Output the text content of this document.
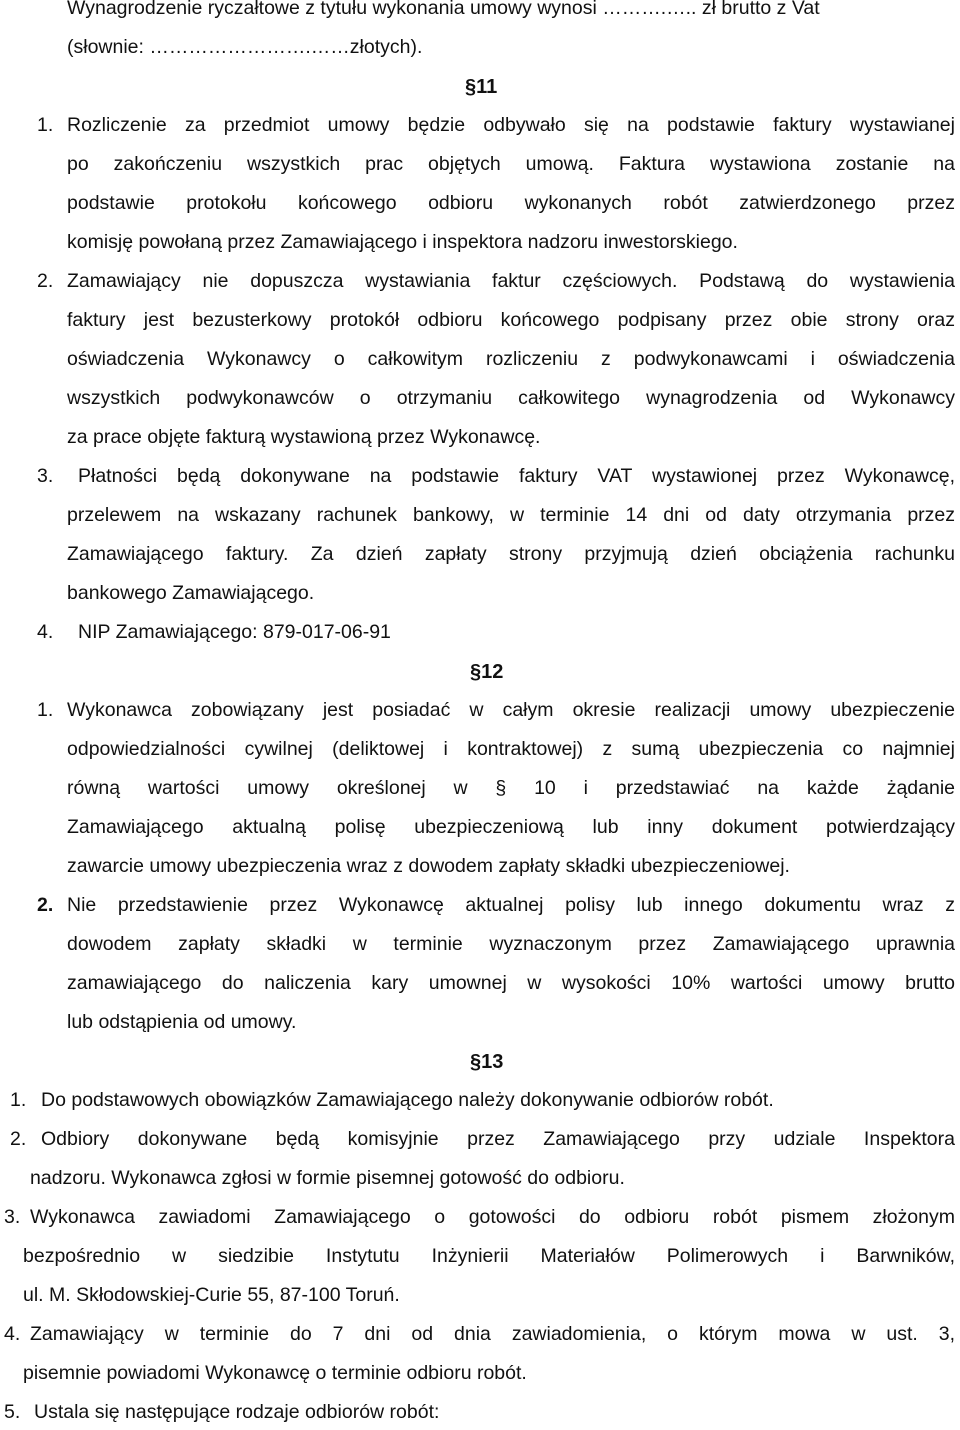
Wynagrodzenie ryczałtowe z tytułu wykonania umowy wynosi ……….….. zł brutto z Vat
(słownie: …………………….……złotych).
§11
1. Rozliczenie za przedmiot umowy będzie odbywało się na podstawie faktury wystawianej
po zakończeniu wszystkich prac objętych umową. Faktura wystawiona zostanie na
podstawie protokołu końcowego odbioru wykonanych robót zatwierdzonego przez
komisję powołaną przez Zamawiającego i inspektora nadzoru inwestorskiego.
2. Zamawiający nie dopuszcza wystawiania faktur częściowych. Podstawą do wystawienia
faktury jest bezusterkowy protokół odbioru końcowego podpisany przez obie strony oraz
oświadczenia Wykonawcy o całkowitym rozliczeniu z podwykonawcami i oświadczenia
wszystkich podwykonawców o otrzymaniu całkowitego wynagrodzenia od Wykonawcy
za prace objęte fakturą wystawioną przez Wykonawcę.
3. Płatności będą dokonywane na podstawie faktury VAT wystawionej przez Wykonawcę,
przelewem na wskazany rachunek bankowy, w terminie 14 dni od daty otrzymania przez
Zamawiającego faktury. Za dzień zapłaty strony przyjmują dzień obciążenia rachunku
bankowego Zamawiającego.
4. NIP Zamawiającego: 879-017-06-91
§12
1. Wykonawca zobowiązany jest posiadać w całym okresie realizacji umowy ubezpieczenie
odpowiedzialności cywilnej (deliktowej i kontraktowej) z sumą ubezpieczenia co najmniej
równą wartości umowy określonej w § 10 i przedstawiać na każde żądanie
Zamawiającego aktualną polisę ubezpieczeniową lub inny dokument potwierdzający
zawarcie umowy ubezpieczenia wraz z dowodem zapłaty składki ubezpieczeniowej.
2. Nie przedstawienie przez Wykonawcę aktualnej polisy lub innego dokumentu wraz z
dowodem zapłaty składki w terminie wyznaczonym przez Zamawiającego uprawnia
zamawiającego do naliczenia kary umownej w wysokości 10% wartości umowy brutto
lub odstąpienia od umowy.
§13
1. Do podstawowych obowiązków Zamawiającego należy dokonywanie odbiorów robót.
2. Odbiory dokonywane będą komisyjnie przez Zamawiającego przy udziale Inspektora
nadzoru. Wykonawca zgłosi w formie pisemnej gotowość do odbioru.
3. Wykonawca zawiadomi Zamawiającego o gotowości do odbioru robót pismem złożonym
bezpośrednio w siedzibie Instytutu Inżynierii Materiałów Polimerowych i Barwników,
ul. M. Skłodowskiej-Curie 55, 87-100 Toruń.
4. Zamawiający w terminie do 7 dni od dnia zawiadomienia, o którym mowa w ust. 3,
pisemnie powiadomi Wykonawcę o terminie odbioru robót.
5. Ustala się następujące rodzaje odbiorów robót:
